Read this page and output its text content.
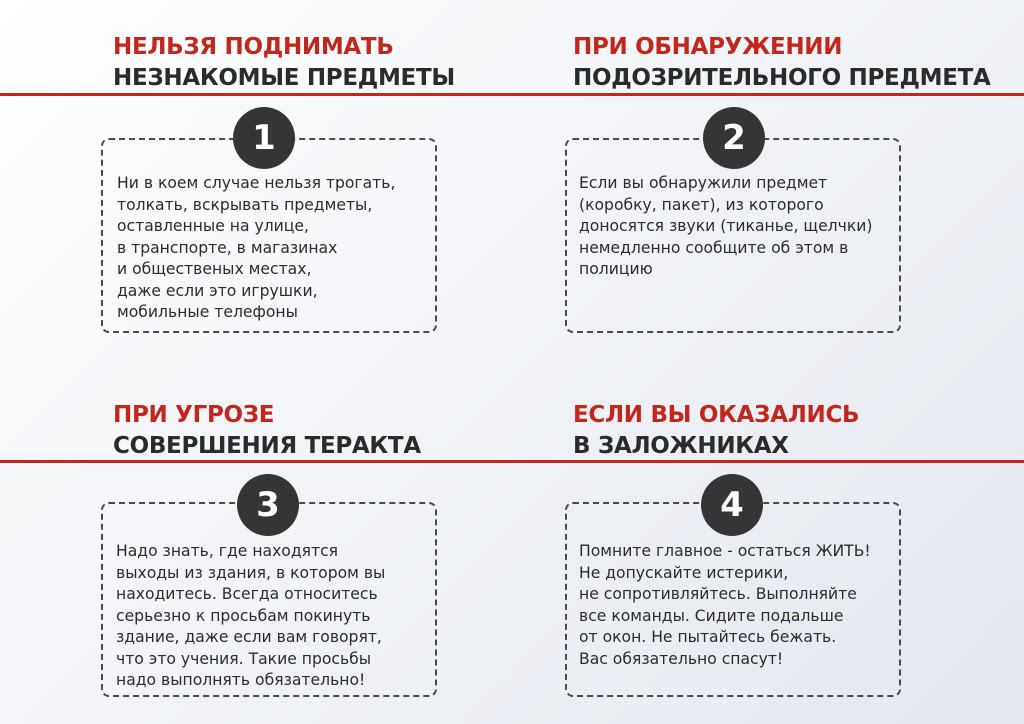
НЕЛЬЗЯ ПОДНИМАТЬ
НЕЗНАКОМЫЕ ПРЕДМЕТЫ
1

Ни в коем случае нельзя трогать,
толкать, вскрывать предметы,
оставленные на улице,
в транспорте, в магазинах
и общественых местах,
даже если это игрушки,
мобильные телефоны

ПРИ ОБНАРУЖЕНИИ
ПОДОЗРИТЕЛЬНОГО ПРЕДМЕТА
2

Если вы обнаружили предмет
(коробку, пакет), из которого
доносятся звуки (тиканье, щелчки)
немедленно сообщите об этом в
полицию

ПРИ УГРОЗЕ
СОВЕРШЕНИЯ ТЕРАКТА
3

Надо знать, где находятся
выходы из здания, в котором вы
находитесь. Всегда относитесь
серьезно к просьбам покинуть
здание, даже если вам говорят,
что это учения. Такие просьбы
надо выполнять обязательно!

ЕСЛИ ВЫ ОКАЗАЛИСЬ
В ЗАЛОЖНИКАХ
4

Помните главное - остаться ЖИТЬ!
Не допускайте истерики,
не сопротивляйтесь. Выполняйте
все команды. Сидите подальше
от окон. Не пытайтесь бежать.
Вас обязательно спасут!
